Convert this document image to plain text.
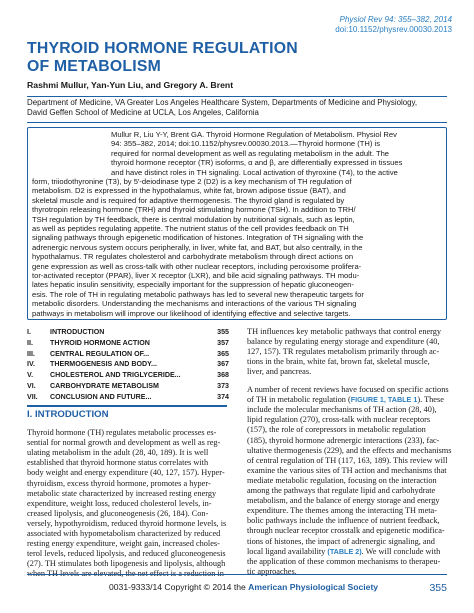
Physiol Rev 94: 355–382, 2014
doi:10.1152/physrev.00030.2013
THYROID HORMONE REGULATION
OF METABOLISM
Rashmi Mullur, Yan-Yun Liu, and Gregory A. Brent
Department of Medicine, VA Greater Los Angeles Healthcare System, Departments of Medicine and Physiology,
David Geffen School of Medicine at UCLA, Los Angeles, California
Mullur R, Liu Y-Y, Brent GA. Thyroid Hormone Regulation of Metabolism. Physiol Rev
94: 355–382, 2014; doi:10.1152/physrev.00030.2013.—Thyroid hormone (TH) is
required for normal development as well as regulating metabolism in the adult. The
thyroid hormone receptor (TR) isoforms, α and β, are differentially expressed in tissues
and have distinct roles in TH signaling. Local activation of thyroxine (T4), to the active
form, triiodothyronine (T3), by 5′-deiodinase type 2 (D2) is a key mechanism of TH regulation of
metabolism. D2 is expressed in the hypothalamus, white fat, brown adipose tissue (BAT), and
skeletal muscle and is required for adaptive thermogenesis. The thyroid gland is regulated by
thyrotropin releasing hormone (TRH) and thyroid stimulating hormone (TSH). In addition to TRH/
TSH regulation by TH feedback, there is central modulation by nutritional signals, such as leptin,
as well as peptides regulating appetite. The nutrient status of the cell provides feedback on TH
signaling pathways through epigenetic modification of histones. Integration of TH signaling with the
adrenergic nervous system occurs peripherally, in liver, white fat, and BAT, but also centrally, in the
hypothalamus. TR regulates cholesterol and carbohydrate metabolism through direct actions on
gene expression as well as cross-talk with other nuclear receptors, including peroxisome prolifera-
tor-activated receptor (PPAR), liver X receptor (LXR), and bile acid signaling pathways. TH modu-
lates hepatic insulin sensitivity, especially important for the suppression of hepatic gluconeogen-
esis. The role of TH in regulating metabolic pathways has led to several new therapeutic targets for
metabolic disorders. Understanding the mechanisms and interactions of the various TH signaling
pathways in metabolism will improve our likelihood of identifying effective and selective targets.
I.	INTRODUCTION	355
II. THYROID HORMONE ACTION	357
III. CENTRAL REGULATION OF...	365
IV. THERMOGENESIS AND BODY...	367
V. CHOLESTEROL AND TRIGLYCERIDE...	368
VI. CARBOHYDRATE METABOLISM	373
VII. CONCLUSION AND FUTURE...	374
I. INTRODUCTION
Thyroid hormone (TH) regulates metabolic processes es-
sential for normal growth and development as well as reg-
ulating metabolism in the adult (28, 40, 189). It is well
established that thyroid hormone status correlates with
body weight and energy expenditure (40, 127, 157). Hyper-
thyroidism, excess thyroid hormone, promotes a hyper-
metabolic state characterized by increased resting energy
expenditure, weight loss, reduced cholesterol levels, in-
creased lipolysis, and gluconeogenesis (26, 184). Con-
versely, hypothyroidism, reduced thyroid hormone levels, is
associated with hypometabolism characterized by reduced
resting energy expenditure, weight gain, increased choles-
terol levels, reduced lipolysis, and reduced gluconeogenesis
(27). TH stimulates both lipogenesis and lipolysis, although
when TH levels are elevated, the net effect is a reduction in
TH influences key metabolic pathways that control energy
balance by regulating energy storage and expenditure (40,
127, 157). TR regulates metabolism primarily through ac-
tions in the brain, white fat, brown fat, skeletal muscle,
liver, and pancreas.
A number of recent reviews have focused on specific actions
of TH in metabolic regulation (FIGURE 1, TABLE 1). These
include the molecular mechanisms of TH action (28, 40),
lipid regulation (270), cross-talk with nuclear receptors
(157), the role of corepressors in metabolic regulation
(185), thyroid hormone adrenergic interactions (233), fac-
ultative thermogenesis (229), and the effects and mechanisms
of central regulation of TH (117, 163, 189). This review will
examine the various sites of TH action and mechanisms that
mediate metabolic regulation, focusing on the interaction
among the pathways that regulate lipid and carbohydrate
metabolism, and the balance of energy storage and energy
expenditure. The themes among the interacting TH meta-
bolic pathways include the influence of nutrient feedback,
through nuclear receptor crosstalk and epigenetic modifica-
tions of histones, the impact of adrenergic signaling, and
local ligand availability (TABLE 2). We will conclude with
the application of these common mechanisms to therapeu-
tic approaches.
0031-9333/14 Copyright © 2014 the American Physiological Society	355
